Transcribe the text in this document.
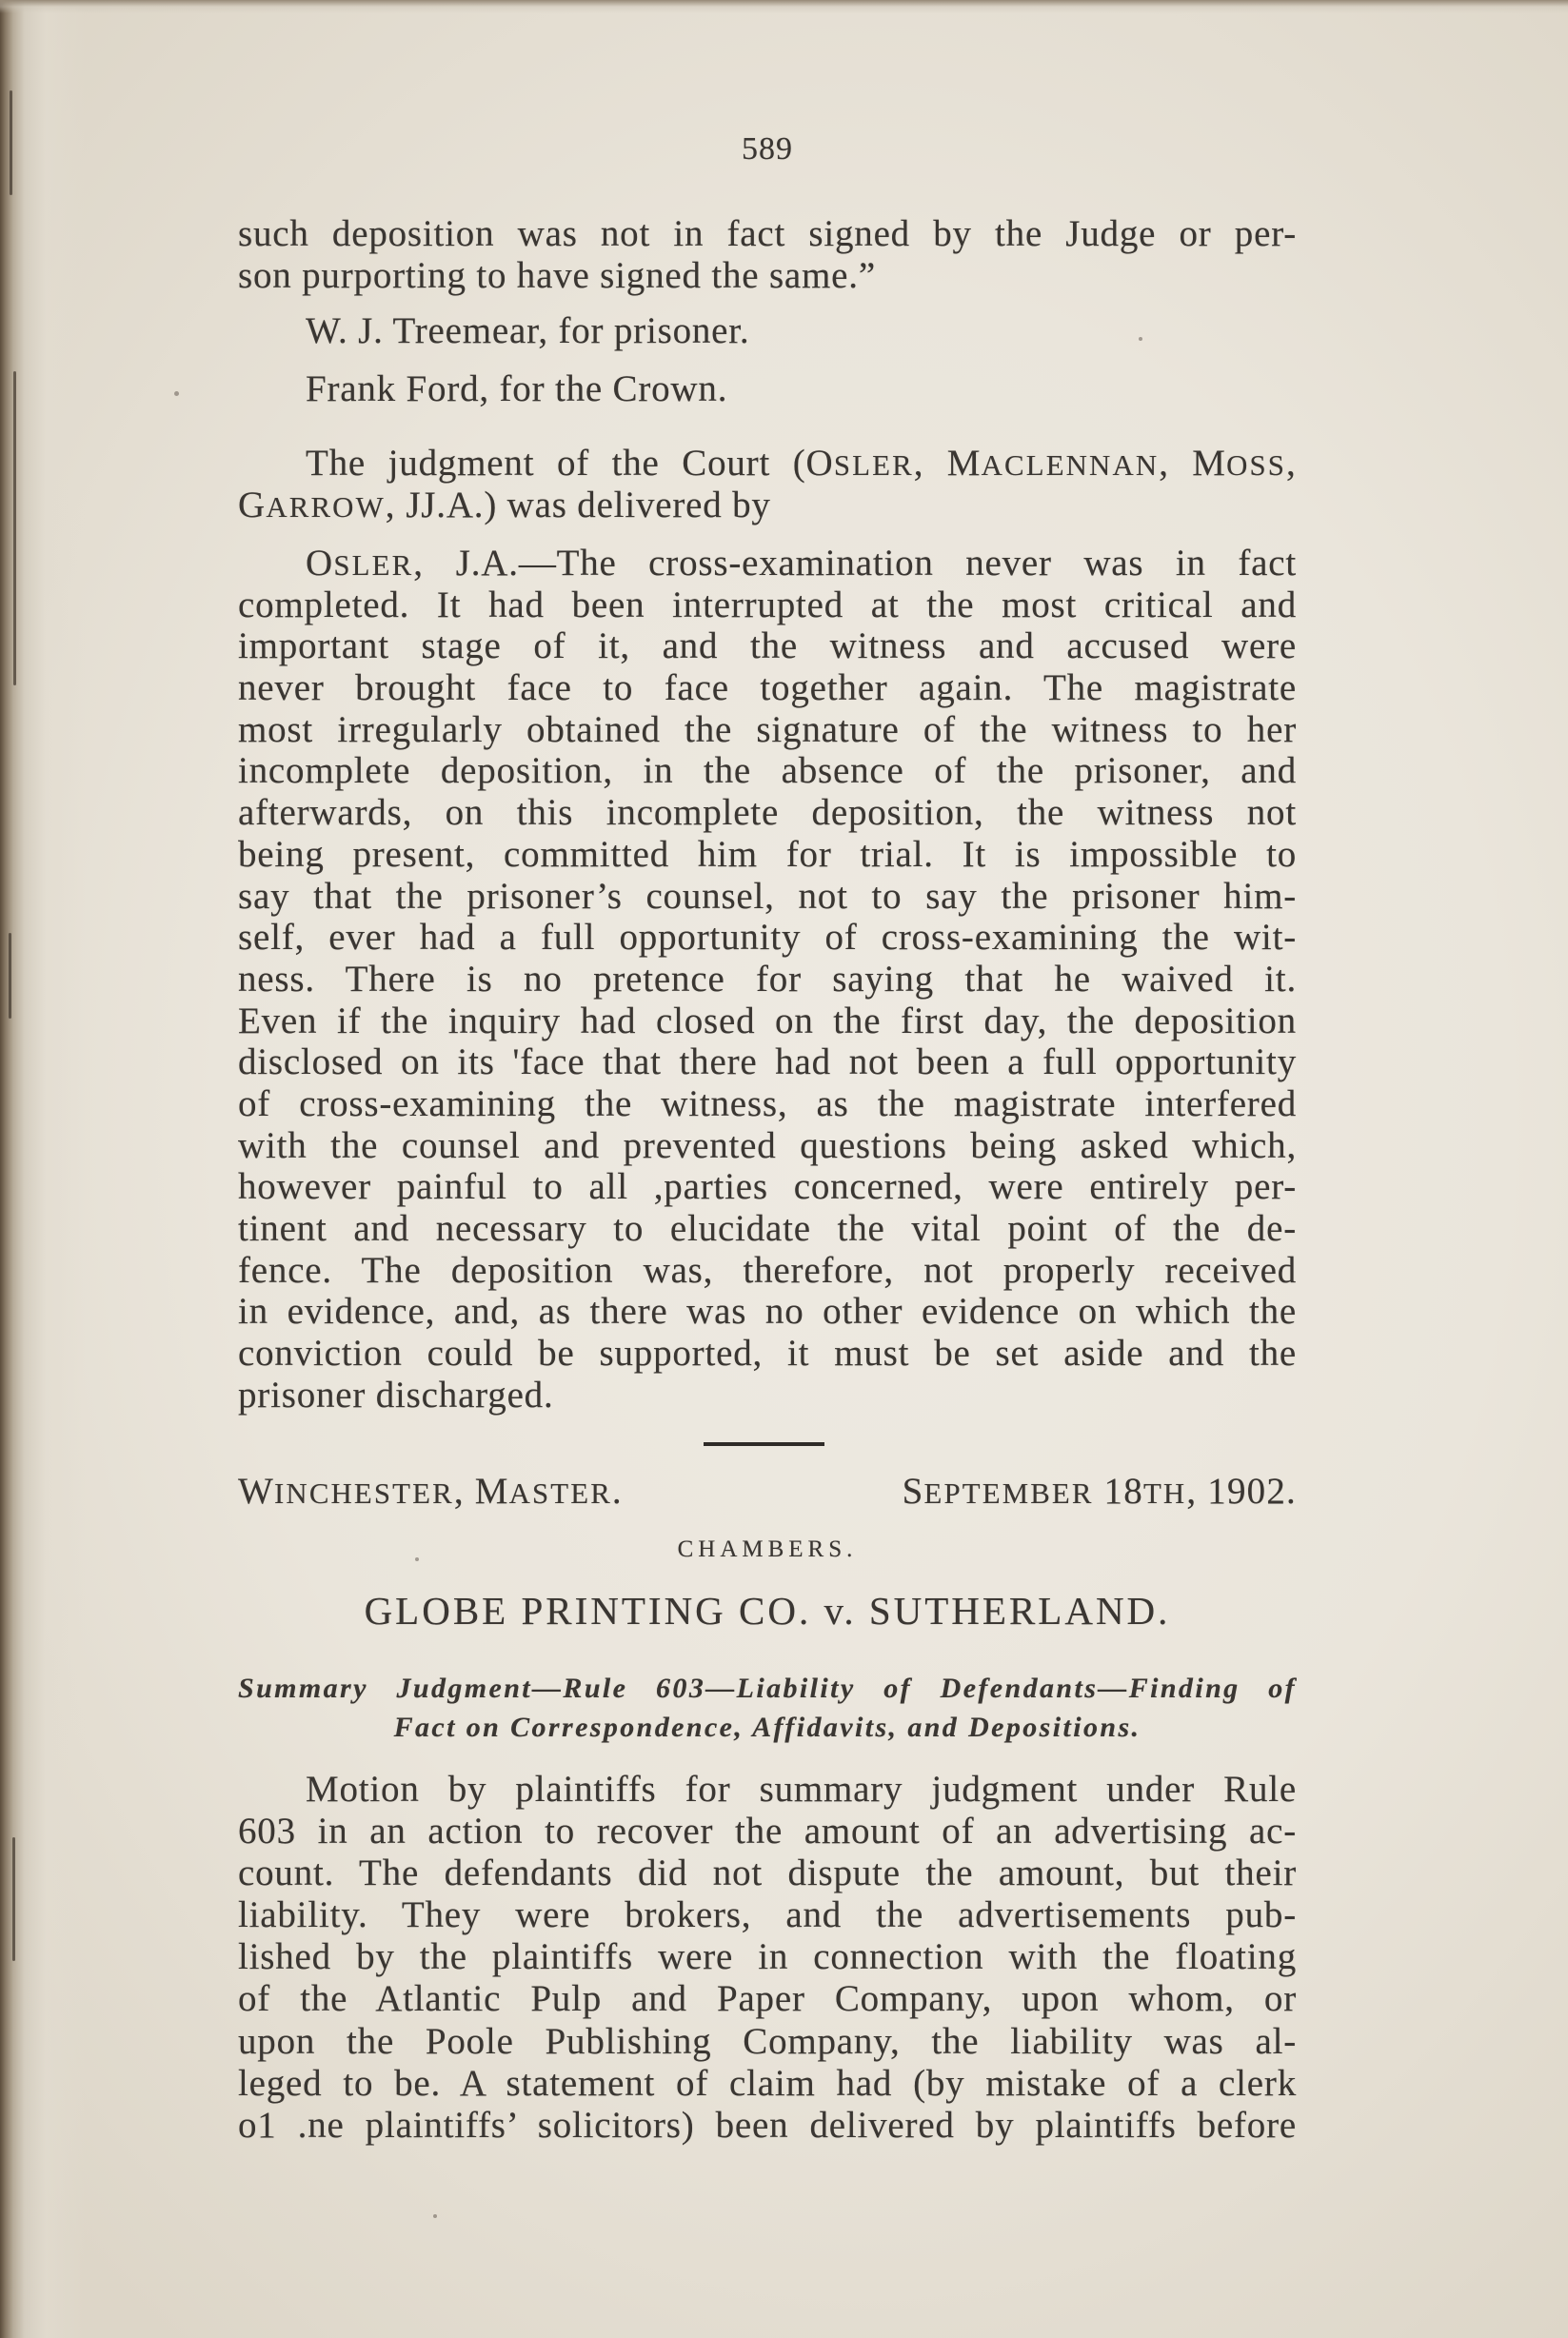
589
such deposition was not in fact signed by the Judge or per-
son purporting to have signed the same.”
W. J. Treemear, for prisoner.
Frank Ford, for the Crown.
The judgment of the Court (OSLER, MACLENNAN, MOSS,
GARROW, JJ.A.) was delivered by
OSLER, J.A.—The cross-examination never was in fact
completed. It had been interrupted at the most critical and
important stage of it, and the witness and accused were
never brought face to face together again. The magistrate
most irregularly obtained the signature of the witness to her
incomplete deposition, in the absence of the prisoner, and
afterwards, on this incomplete deposition, the witness not
being present, committed him for trial. It is impossible to
say that the prisoner’s counsel, not to say the prisoner him-
self, ever had a full opportunity of cross-examining the wit-
ness. There is no pretence for saying that he waived it.
Even if the inquiry had closed on the first day, the deposition
disclosed on its 'face that there had not been a full opportunity
of cross-examining the witness, as the magistrate interfered
with the counsel and prevented questions being asked which,
however painful to all ,parties concerned, were entirely per-
tinent and necessary to elucidate the vital point of the de-
fence. The deposition was, therefore, not properly received
in evidence, and, as there was no other evidence on which the
conviction could be supported, it must be set aside and the
prisoner discharged.
WINCHESTER, MASTER.	SEPTEMBER 18TH, 1902.
CHAMBERS.
GLOBE PRINTING CO. v. SUTHERLAND.
Summary Judgment—Rule 603—Liability of Defendants—Finding of
Fact on Correspondence, Affidavits, and Depositions.
Motion by plaintiffs for summary judgment under Rule
603 in an action to recover the amount of an advertising ac-
count. The defendants did not dispute the amount, but their
liability. They were brokers, and the advertisements pub-
lished by the plaintiffs were in connection with the floating
of the Atlantic Pulp and Paper Company, upon whom, or
upon the Poole Publishing Company, the liability was al-
leged to be. A statement of claim had (by mistake of a clerk
o1 .ne plaintiffs’ solicitors) been delivered by plaintiffs before
